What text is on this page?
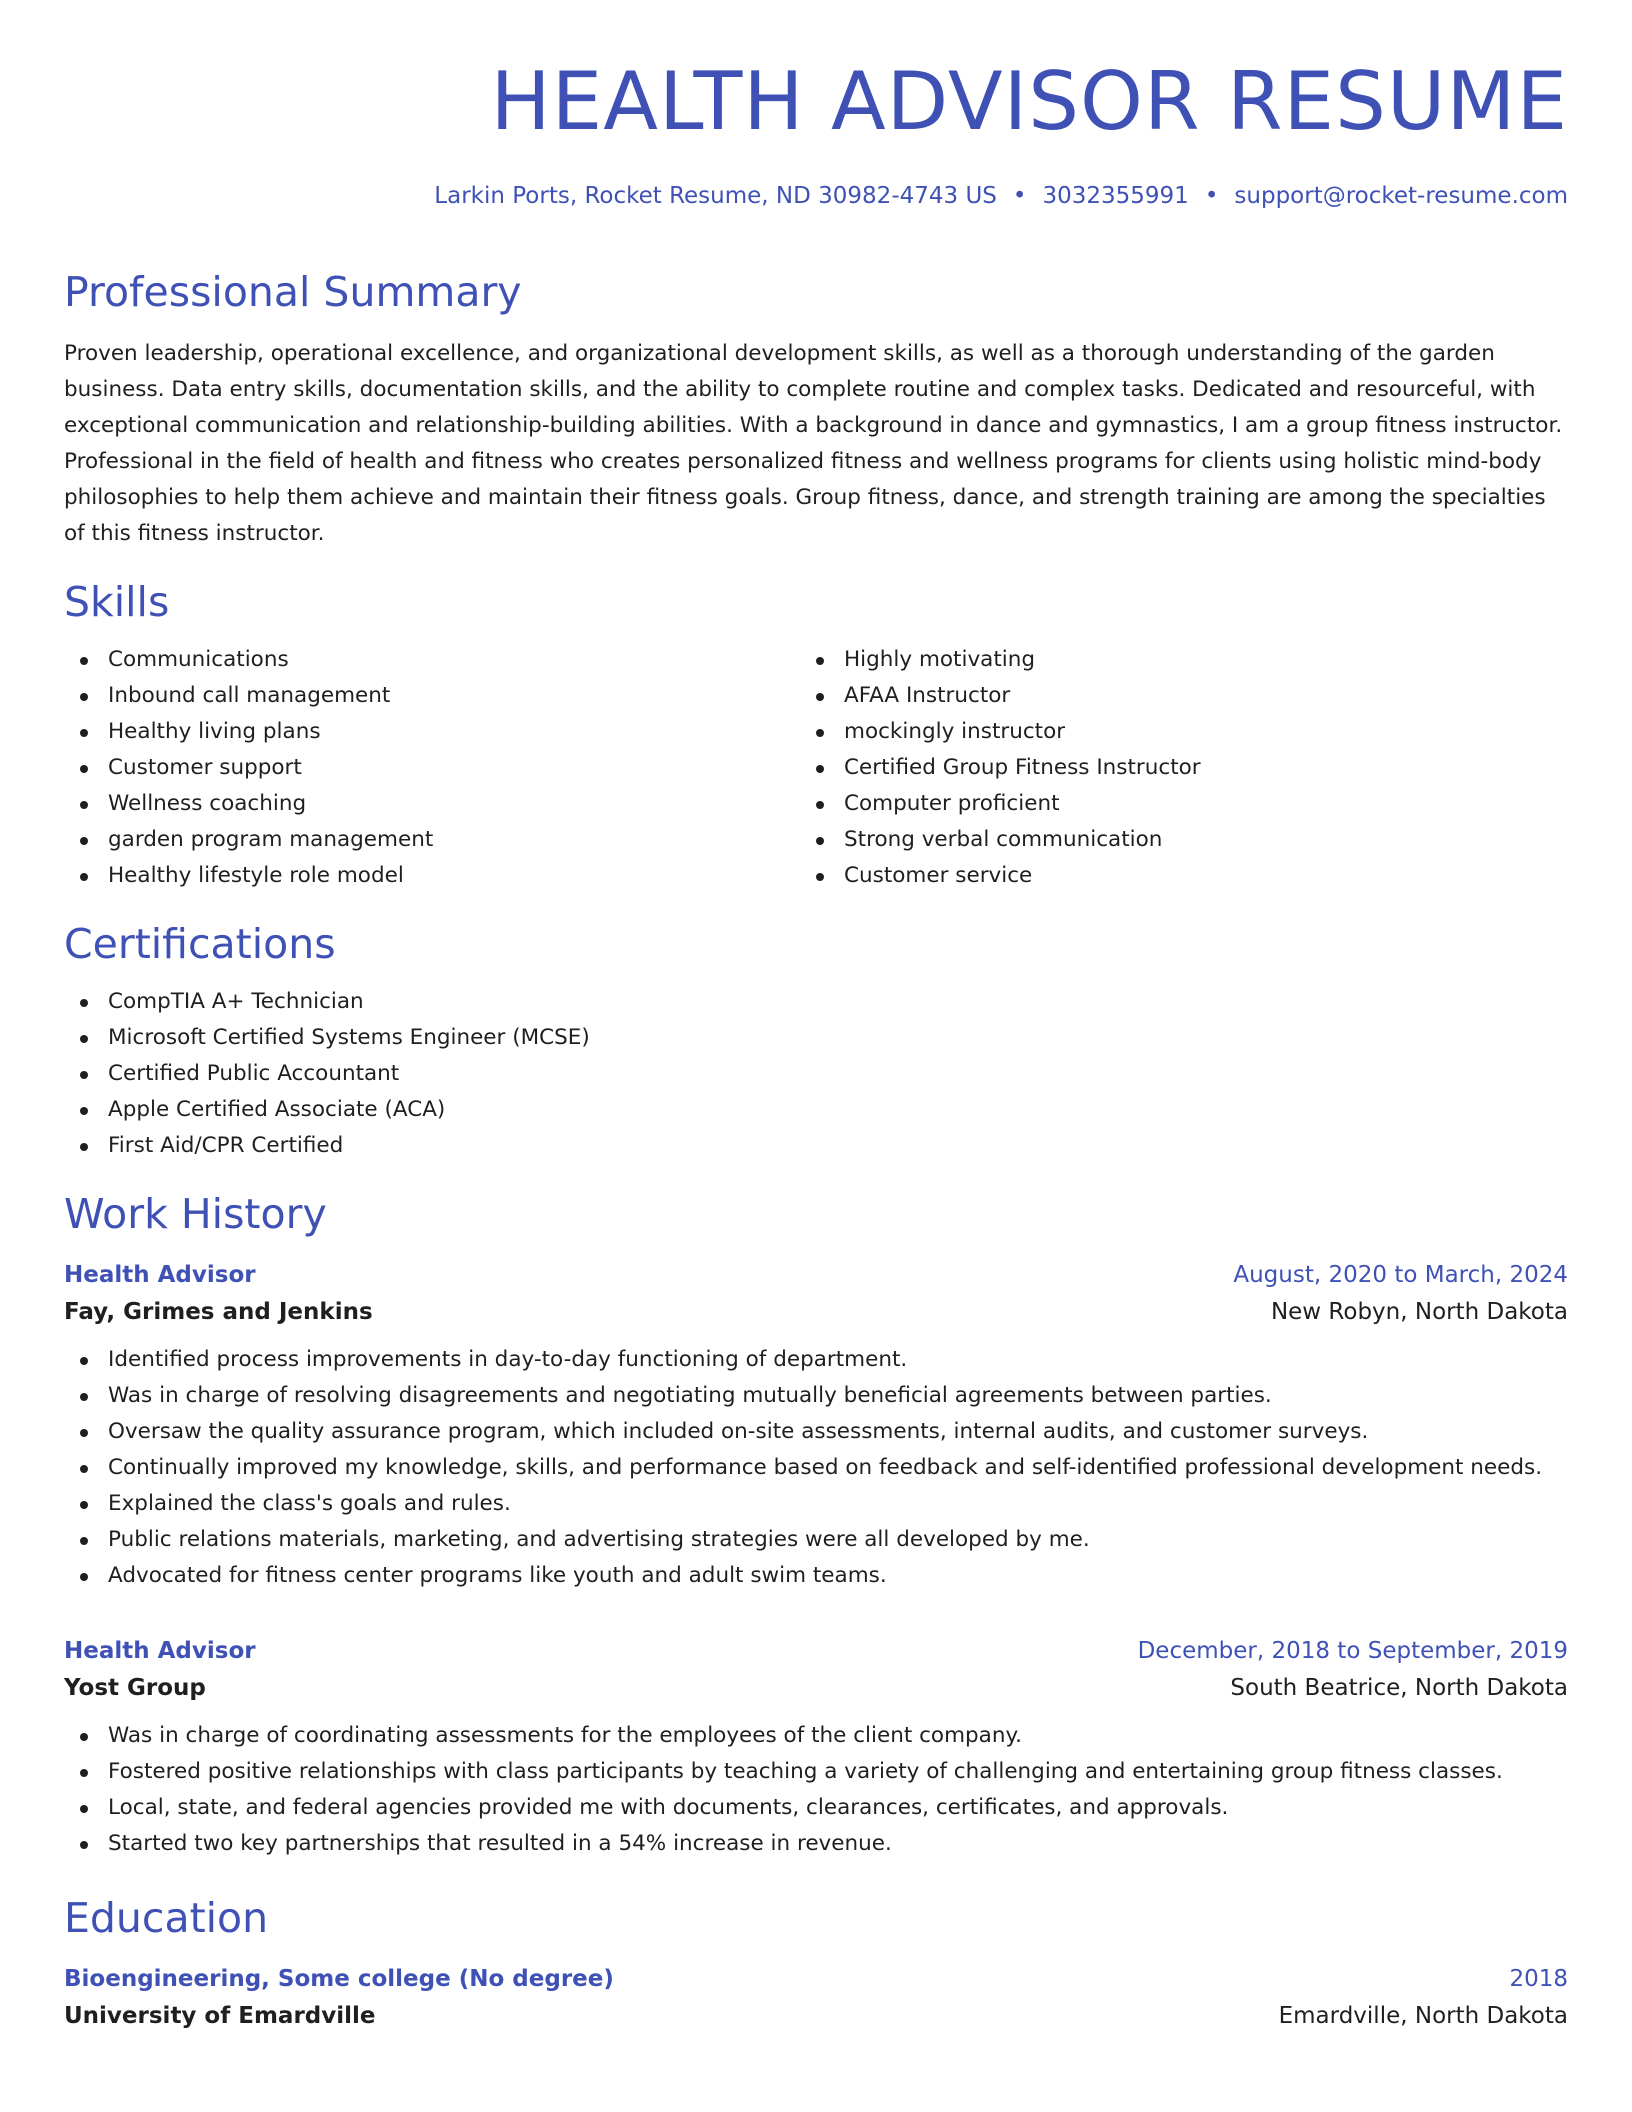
HEALTH ADVISOR RESUME
Larkin Ports, Rocket Resume, ND 30982-4743 US • 3032355991 • support@rocket-resume.com
Professional Summary

Proven leadership, operational excellence, and organizational development skills, as well as a thorough understanding of the garden business. Data entry skills, documentation skills, and the ability to complete routine and complex tasks. Dedicated and resourceful, with exceptional communication and relationship-building abilities. With a background in dance and gymnastics, I am a group fitness instructor. Professional in the field of health and fitness who creates personalized fitness and wellness programs for clients using holistic mind-body philosophies to help them achieve and maintain their fitness goals. Group fitness, dance, and strength training are among the specialties of this fitness instructor.

Skills
Communications
Inbound call management
Healthy living plans
Customer support
Wellness coaching
garden program management
Healthy lifestyle role model
Highly motivating
AFAA Instructor
mockingly instructor
Certified Group Fitness Instructor
Computer proficient
Strong verbal communication
Customer service
Certifications
CompTIA A+ Technician
Microsoft Certified Systems Engineer (MCSE)
Certified Public Accountant
Apple Certified Associate (ACA)
First Aid/CPR Certified
Work History
Health Advisor	August, 2020 to March, 2024
Fay, Grimes and Jenkins	New Robyn, North Dakota
Identified process improvements in day-to-day functioning of department.
Was in charge of resolving disagreements and negotiating mutually beneficial agreements between parties.
Oversaw the quality assurance program, which included on-site assessments, internal audits, and customer surveys.
Continually improved my knowledge, skills, and performance based on feedback and self-identified professional development needs.
Explained the class's goals and rules.
Public relations materials, marketing, and advertising strategies were all developed by me.
Advocated for fitness center programs like youth and adult swim teams.
Health Advisor	December, 2018 to September, 2019
Yost Group	South Beatrice, North Dakota
Was in charge of coordinating assessments for the employees of the client company.
Fostered positive relationships with class participants by teaching a variety of challenging and entertaining group fitness classes.
Local, state, and federal agencies provided me with documents, clearances, certificates, and approvals.
Started two key partnerships that resulted in a 54% increase in revenue.
Education
Bioengineering, Some college (No degree)	2018
University of Emardville	Emardville, North Dakota
